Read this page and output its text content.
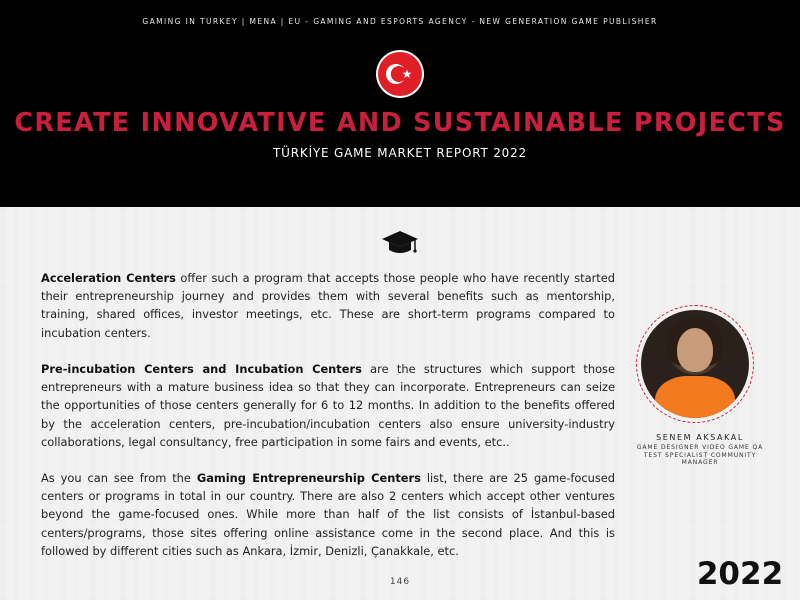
GAMING IN TURKEY | MENA | EU - GAMING AND ESPORTS AGENCY - NEW GENERATION GAME PUBLISHER
CREATE INNOVATIVE AND SUSTAINABLE PROJECTS
TÜRKİYE GAME MARKET REPORT 2022
Acceleration Centers offer such a program that accepts those people who have recently started their entrepreneurship journey and provides them with several benefits such as mentorship, training, shared offices, investor meetings, etc. These are short-term programs compared to incubation centers.
Pre-incubation Centers and Incubation Centers are the structures which support those entrepreneurs with a mature business idea so that they can incorporate. Entrepreneurs can seize the opportunities of those centers generally for 6 to 12 months. In addition to the benefits offered by the acceleration centers, pre-incubation/incubation centers also ensure university-industry collaborations, legal consultancy, free participation in some fairs and events, etc..
As you can see from the Gaming Entrepreneurship Centers list, there are 25 game-focused centers or programs in total in our country. There are also 2 centers which accept other ventures beyond the game-focused ones. While more than half of the list consists of İstanbul-based centers/programs, those sites offering online assistance come in the second place. And this is followed by different cities such as Ankara, İzmir, Denizli, Çanakkale, etc.
SENEM AKSAKAL
GAME DESIGNER VIDEO GAME QA TEST SPECIALIST COMMUNITY MANAGER
146	2022
